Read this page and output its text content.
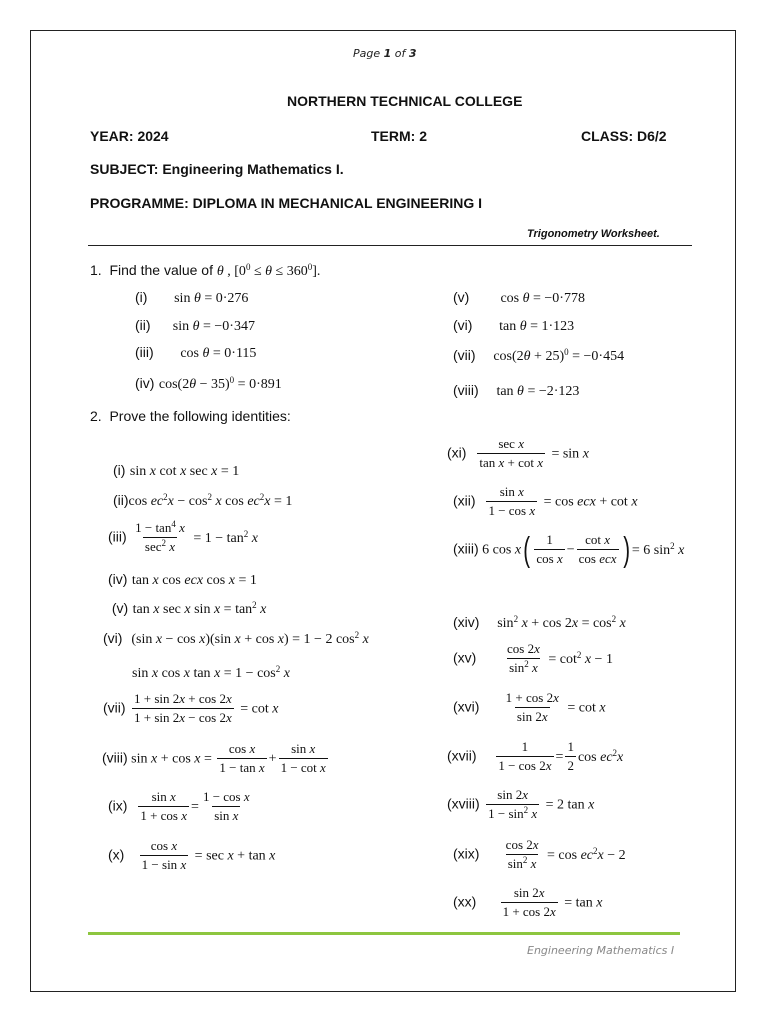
Page 1 of 3
NORTHERN TECHNICAL COLLEGE
YEAR: 2024	TERM: 2	CLASS: D6/2
SUBJECT: Engineering Mathematics I.
PROGRAMME: DIPLOMA IN MECHANICAL ENGINEERING I
Trigonometry Worksheet.
1. Find the value of θ , $[0^0 \le \theta \le 360^0]$.
(i) sin θ = 0·276
(ii) sin θ = −0·347
(iii) cos θ = 0·115
(iv) $\cos(2\theta - 35)^0 = 0\cdot 891$
(v) cos θ = −0·778
(vi) tan θ = 1·123
(vii) $\cos(2\theta + 25)^0 = -0\cdot 454$
(viii) tan θ = −2·123
2. Prove the following identities:
(i) sin x cot x sec x = 1
(ii)cos $ec^2x - \cos^2 x$ $\cos ec^2x = 1$
$(iii) \frac{1 - \tan^4 x}{\sec^2 x} = 1 - \tan^2 x$
(iv) tan x cos ecx cos x = 1
(v) tan x sec x $\sin x = \tan^2 x$
(vi) (sin x − cos x)(sin x + cos x) = 1 − 2 $\cos^2 x$
sin x cos x $\tan x = 1 - \cos^2 x$
$(vii) \frac{1 + \sin 2x + \cos 2x}{1 + \sin 2x - \cos 2x} = \cot x$
(viii) $\sin x + \cos x = \frac{\text{cos x}}{\text{1 − tan x}} + \frac{\text{sin x}}{\text{1 − cot x}}$
$(ix) \frac{\text{sin x}}{\text{1 + cos x}} = \frac{\text{1 − cos x}}{\text{sin x}}$
$(x) \frac{\text{cos x}}{\text{1 − sin x}} = \sec x + \tan x$
$(xi) \frac{\text{sec x}}{\text{tan x + cot x}} = \sin x$
$(xii) \frac{\text{sin x}}{\text{1 − cos x}} = \cos$ ecx + cot x
(xiii) 6 $\cos x( \frac{1}{\text{cos x}} - \frac{\text{cot x}}{\text{cos ecx}}$ ) = 6 $\sin^2 x$
(xiv) $\sin^2 x + \cos 2x = \cos^2 x$
$(xv) \frac{\cos 2x}{\sin^2 x} = \cot^2 x - 1$
$(xvi) \frac{1 + \cos 2x}{\sin 2x} = \cot x$
(xvii) $\frac{1}{1 - \cos 2x} = \frac{1}{2}$ $\cos ec^2x$
(xviii) $\frac{\sin 2x}{1 - \sin^2 x} = 2$ tan x
$(xix) \frac{\cos 2x}{\sin^2 x} = \cos ec^2x - 2$
$(xx) \frac{\sin 2x}{1 + \cos 2x} = \tan x$
Engineering Mathematics I
